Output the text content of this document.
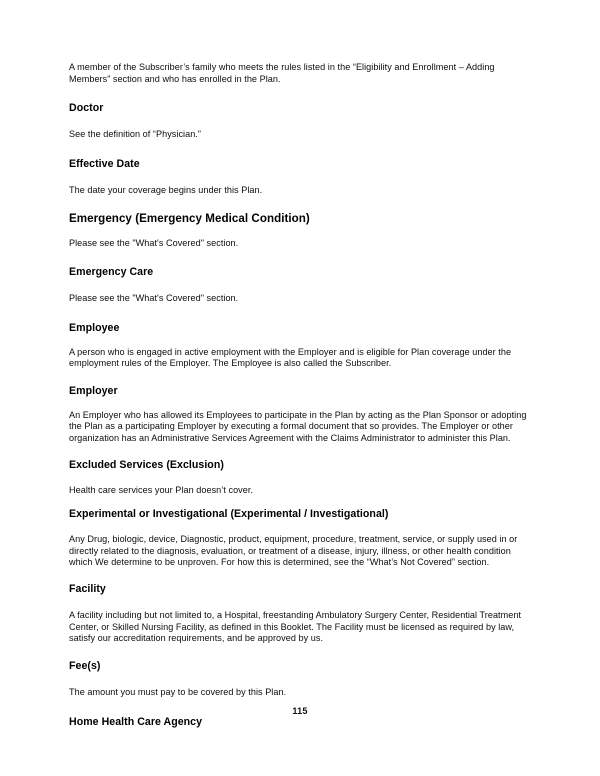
A member of the Subscriber’s family who meets the rules listed in the “Eligibility and Enrollment – Adding Members” section and who has enrolled in the Plan.

Doctor

See the definition of “Physician.”

Effective Date

The date your coverage begins under this Plan.

Emergency (Emergency Medical Condition)

Please see the "What's Covered" section.

Emergency Care

Please see the "What's Covered" section.

Employee

A person who is engaged in active employment with the Employer and is eligible for Plan coverage under the employment rules of the Employer. The Employee is also called the Subscriber.

Employer

An Employer who has allowed its Employees to participate in the Plan by acting as the Plan Sponsor or adopting the Plan as a participating Employer by executing a formal document that so provides. The Employer or other organization has an Administrative Services Agreement with the Claims Administrator to administer this Plan.

Excluded Services (Exclusion)

Health care services your Plan doesn’t cover.

Experimental or Investigational (Experimental / Investigational)

Any Drug, biologic, device, Diagnostic, product, equipment, procedure, treatment, service, or supply used in or directly related to the diagnosis, evaluation, or treatment of a disease, injury, illness, or other health condition which We determine to be unproven. For how this is determined, see the “What’s Not Covered” section.

Facility

A facility including but not limited to, a Hospital, freestanding Ambulatory Surgery Center, Residential Treatment Center, or Skilled Nursing Facility, as defined in this Booklet. The Facility must be licensed as required by law, satisfy our accreditation requirements, and be approved by us.

Fee(s)

The amount you must pay to be covered by this Plan.

Home Health Care Agency
115
